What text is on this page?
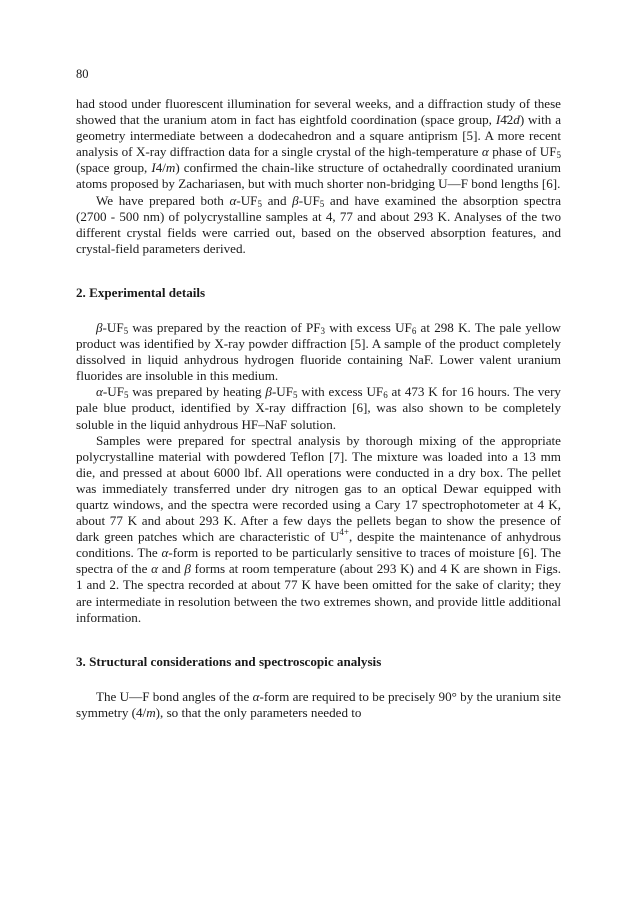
80

had stood under fluorescent illumination for several weeks, and a diffraction study of these showed that the uranium atom in fact has eightfold coordination (space group, I4̄2d) with a geometry intermediate between a dodecahedron and a square antiprism [5]. A more recent analysis of X-ray diffraction data for a single crystal of the high-temperature α phase of $UF_5$ (space group, I4/m) confirmed the chain-like structure of octahedrally coordinated uranium atoms proposed by Zachariasen, but with much shorter non-bridging U—F bond lengths [6].

We have prepared both $\alpha-UF_5$ and $\beta-UF_5$ and have examined the absorption spectra (2700 - 500 nm) of polycrystalline samples at 4, 77 and about 293 K. Analyses of the two different crystal fields were carried out, based on the observed absorption features, and crystal-field parameters derived.

2. Experimental details

$\beta-UF_5$ was prepared by the reaction of $PF_3$ with excess $UF_6$ at 298 K. The pale yellow product was identified by X-ray powder diffraction [5]. A sample of the product completely dissolved in liquid anhydrous hydrogen fluoride containing NaF. Lower valent uranium fluorides are insoluble in this medium.

$\alpha-UF_5$ was prepared by heating $\beta-UF_5$ with excess $UF_6$ at 473 K for 16 hours. The very pale blue product, identified by X-ray diffraction [6], was also shown to be completely soluble in the liquid anhydrous HF–NaF solution.

Samples were prepared for spectral analysis by thorough mixing of the appropriate polycrystalline material with powdered Teflon [7]. The mixture was loaded into a 13 mm die, and pressed at about 6000 lbf. All operations were conducted in a dry box. The pellet was immediately transferred under dry nitrogen gas to an optical Dewar equipped with quartz windows, and the spectra were recorded using a Cary 17 spectrophotometer at 4 K, about 77 K and about 293 K. After a few days the pellets began to show the presence of dark green patches which are characteristic of $U^{4+}$, despite the maintenance of anhydrous conditions. The α-form is reported to be particularly sensitive to traces of moisture [6]. The spectra of the α and β forms at room temperature (about 293 K) and 4 K are shown in Figs. 1 and 2. The spectra recorded at about 77 K have been omitted for the sake of clarity; they are intermediate in resolution between the two extremes shown, and provide little additional information.

3. Structural considerations and spectroscopic analysis

The U—F bond angles of the α-form are required to be precisely 90° by the uranium site symmetry (4/m), so that the only parameters needed to
